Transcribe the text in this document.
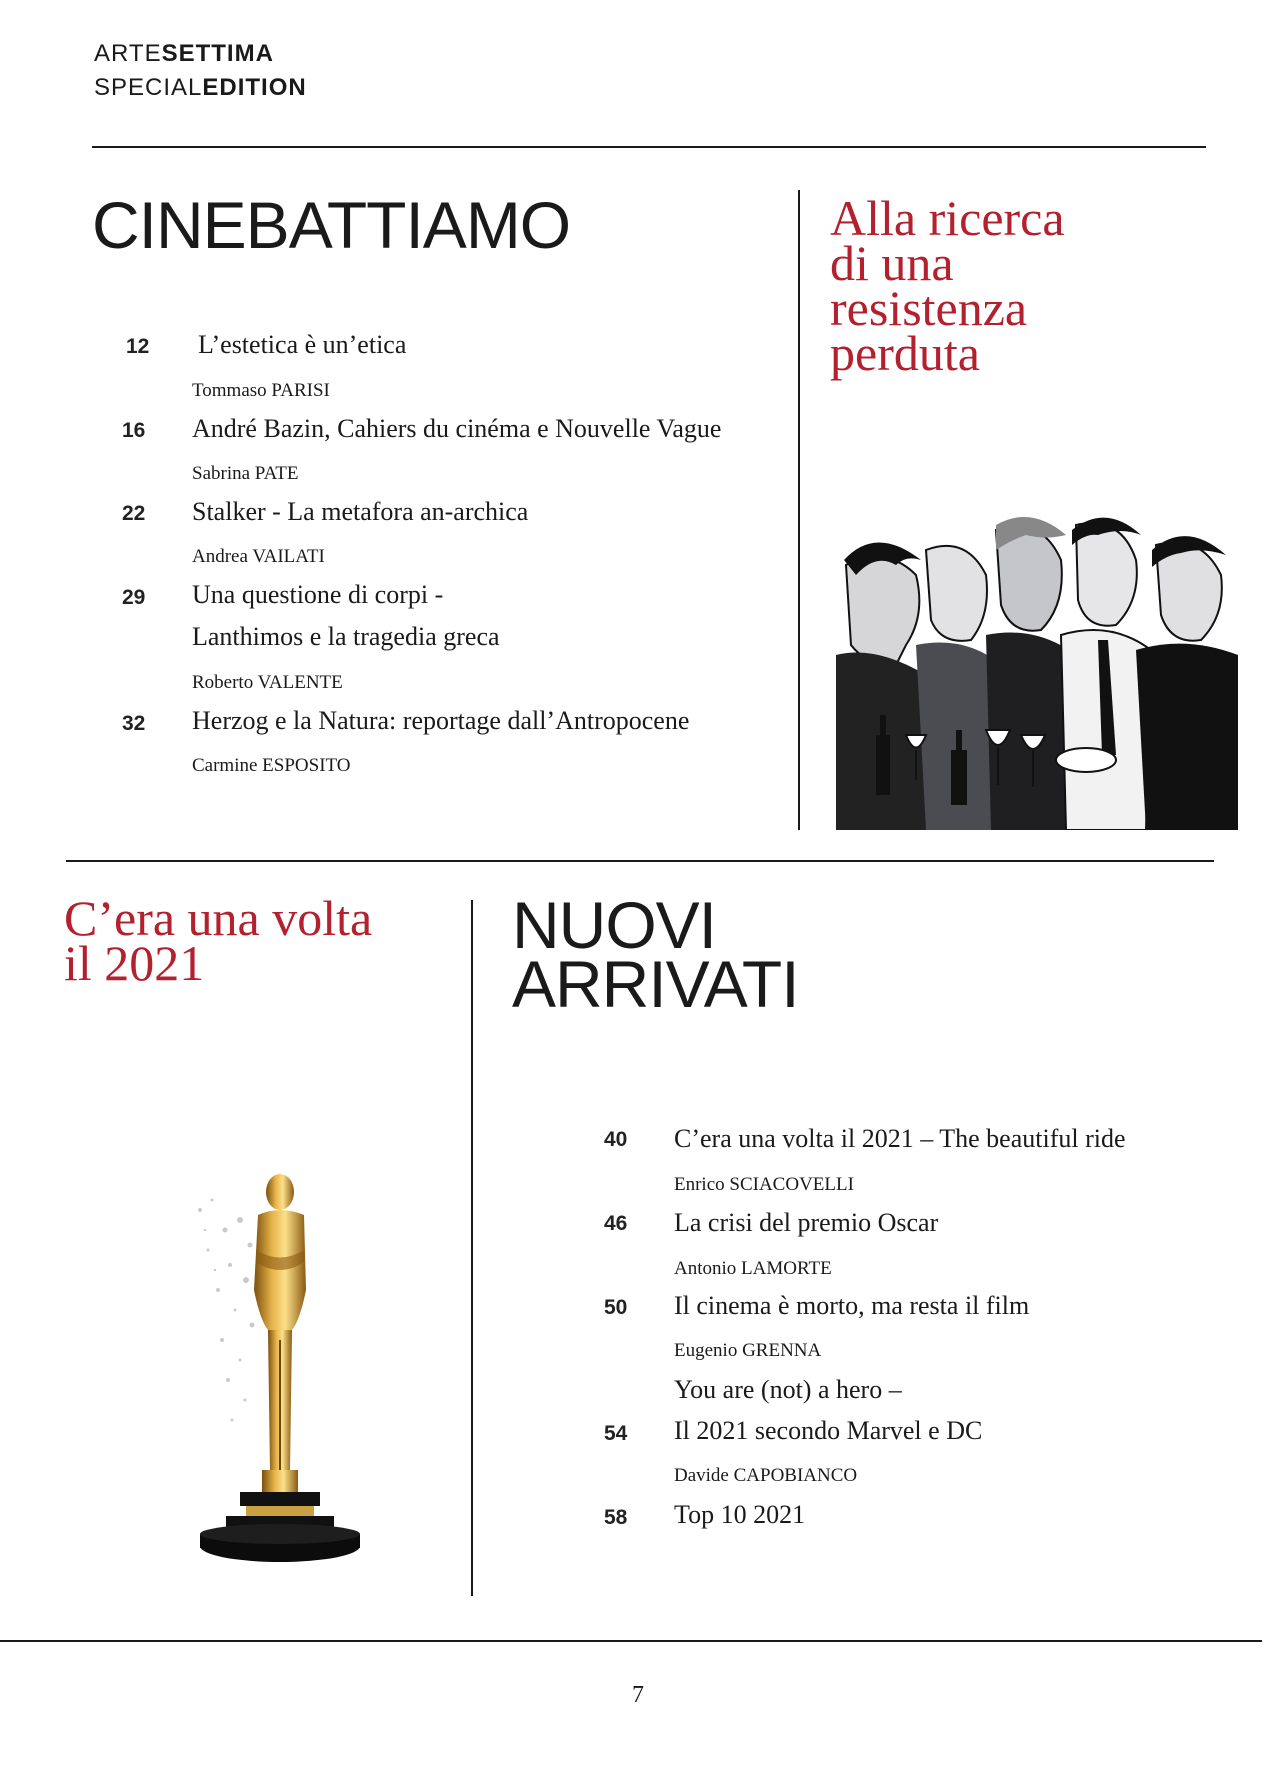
ARTESETTIMA
SPECIALEDITION
CINEBATTIAMO	Alla ricerca
di una
resistenza
perduta
12 L’estetica è un’etica
Tommaso PARISI
16 André Bazin, Cahiers du cinéma e Nouvelle Vague
Sabrina PATE
22 Stalker - La metafora an-archica
Andrea VAILATI
29 Una questione di corpi -
Lanthimos e la tragedia greca
Roberto VALENTE
32 Herzog e la Natura: reportage dall’Antropocene
Carmine ESPOSITO
C’era una volta
il 2021
NUOVI
ARRIVATI
40 C’era una volta il 2021 – The beautiful ride
Enrico SCIACOVELLI
46 La crisi del premio Oscar
Antonio LAMORTE
50 Il cinema è morto, ma resta il film
Eugenio GRENNA
You are (not) a hero –
54 Il 2021 secondo Marvel e DC
Davide CAPOBIANCO
58 Top 10 2021
7
